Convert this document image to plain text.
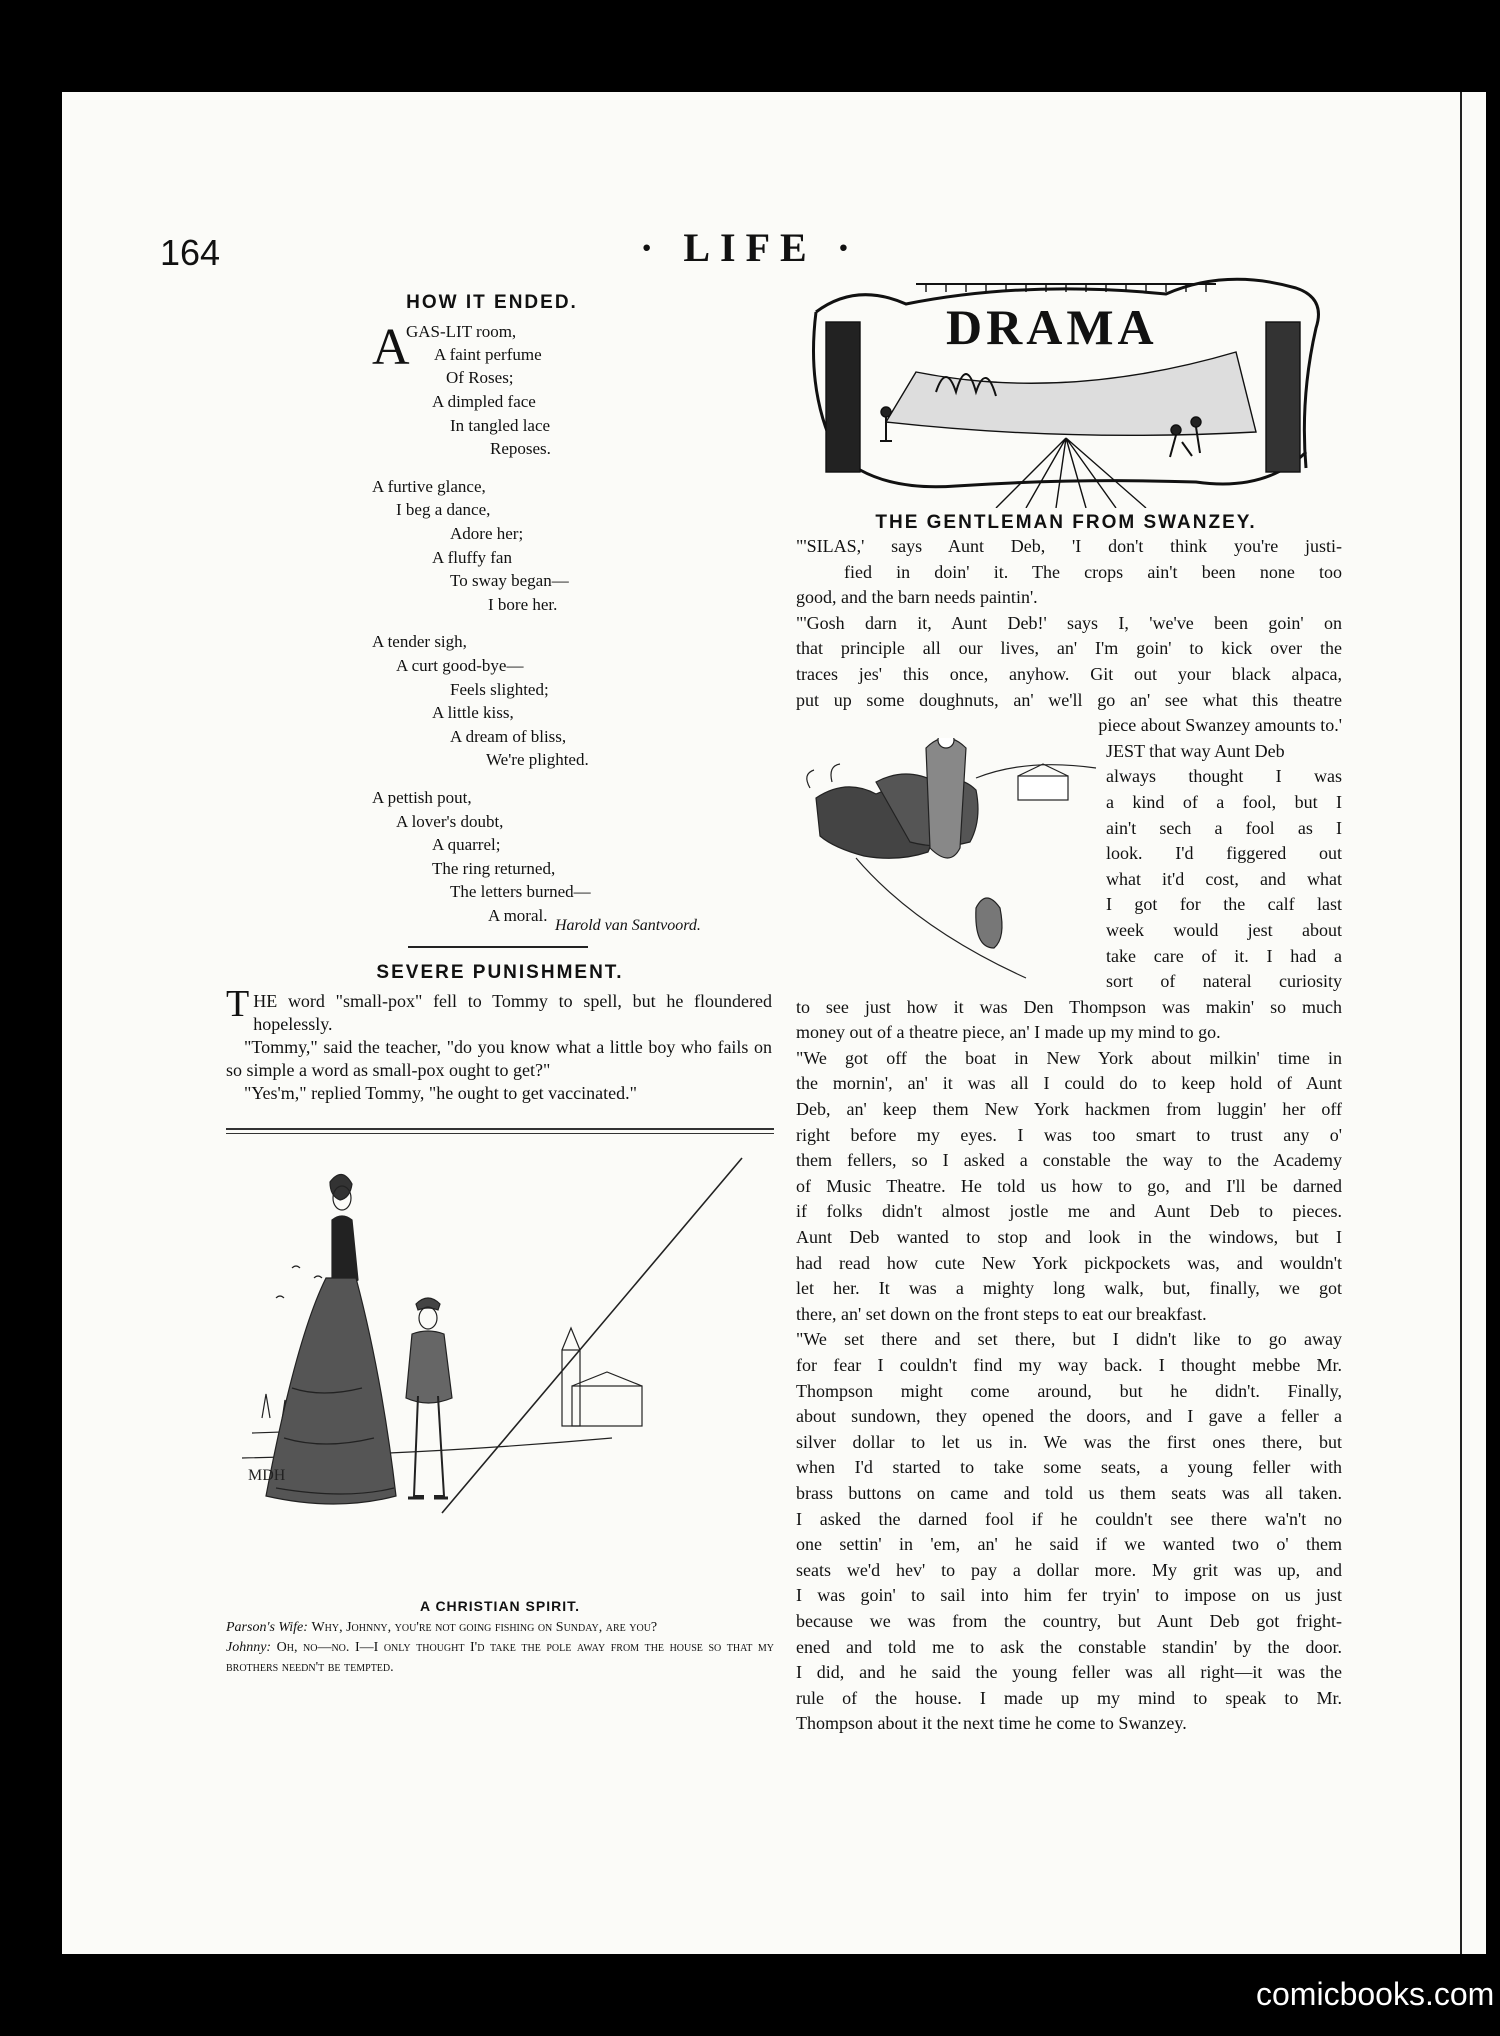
164	· LIFE ·
HOW IT ENDED.
A
GAS-LIT room,
A faint perfume
Of Roses;
A dimpled face
In tangled lace
Reposes.
A furtive glance,
I beg a dance,
Adore her;
A fluffy fan
To sway began—
I bore her.
A tender sigh,
A curt good-bye—
Feels slighted;
A little kiss,
A dream of bliss,
We're plighted.
A pettish pout,
A lover's doubt,
A quarrel;
The ring returned,
The letters burned—
A moral.
Harold van Santvoord.
SEVERE PUNISHMENT.

THE word "small-pox" fell to Tommy to spell, but he floundered hopelessly.

"Tommy," said the teacher, "do you know what a little boy who fails on so simple a word as small-pox ought to get?"

"Yes'm," replied Tommy, "he ought to get vaccinated."

MDH
A CHRISTIAN SPIRIT.

Parson's Wife: Why, Johnny, you're not going fishing on Sunday, are you?

Johnny: Oh, no—no. I—I only thought I'd take the pole away from the house so that my brothers needn't be tempted.

DRAMA
THE GENTLEMAN FROM SWANZEY.
"'SILAS,' says Aunt Deb, 'I don't think you're justi-
fied in doin' it. The crops ain't been none too
good, and the barn needs paintin'.
"'Gosh darn it, Aunt Deb!' says I, 'we've been goin' on
that principle all our lives, an' I'm goin' to kick over the
traces jes' this once, anyhow. Git out your black alpaca,
put up some doughnuts, an' we'll go an' see what this theatre
piece about Swanzey amounts to.'
JEST that way Aunt Deb
always thought I was
a kind of a fool, but I
ain't sech a fool as I
look. I'd figgered out
what it'd cost, and what
I got for the calf last
week would jest about
take care of it. I had a
sort of nateral curiosity
to see just how it was Den Thompson was makin' so much
money out of a theatre piece, an' I made up my mind to go.
"We got off the boat in New York about milkin' time in
the mornin', an' it was all I could do to keep hold of Aunt
Deb, an' keep them New York hackmen from luggin' her off
right before my eyes. I was too smart to trust any o'
them fellers, so I asked a constable the way to the Academy
of Music Theatre. He told us how to go, and I'll be darned
if folks didn't almost jostle me and Aunt Deb to pieces.
Aunt Deb wanted to stop and look in the windows, but I
had read how cute New York pickpockets was, and wouldn't
let her. It was a mighty long walk, but, finally, we got
there, an' set down on the front steps to eat our breakfast.
"We set there and set there, but I didn't like to go away
for fear I couldn't find my way back. I thought mebbe Mr.
Thompson might come around, but he didn't. Finally,
about sundown, they opened the doors, and I gave a feller a
silver dollar to let us in. We was the first ones there, but
when I'd started to take some seats, a young feller with
brass buttons on came and told us them seats was all taken.
I asked the darned fool if he couldn't see there wa'n't no
one settin' in 'em, an' he said if we wanted two o' them
seats we'd hev' to pay a dollar more. My grit was up, and
I was goin' to sail into him fer tryin' to impose on us just
because we was from the country, but Aunt Deb got fright-
ened and told me to ask the constable standin' by the door.
I did, and he said the young feller was all right—it was the
rule of the house. I made up my mind to speak to Mr.
Thompson about it the next time he come to Swanzey.
comicbooks.com
